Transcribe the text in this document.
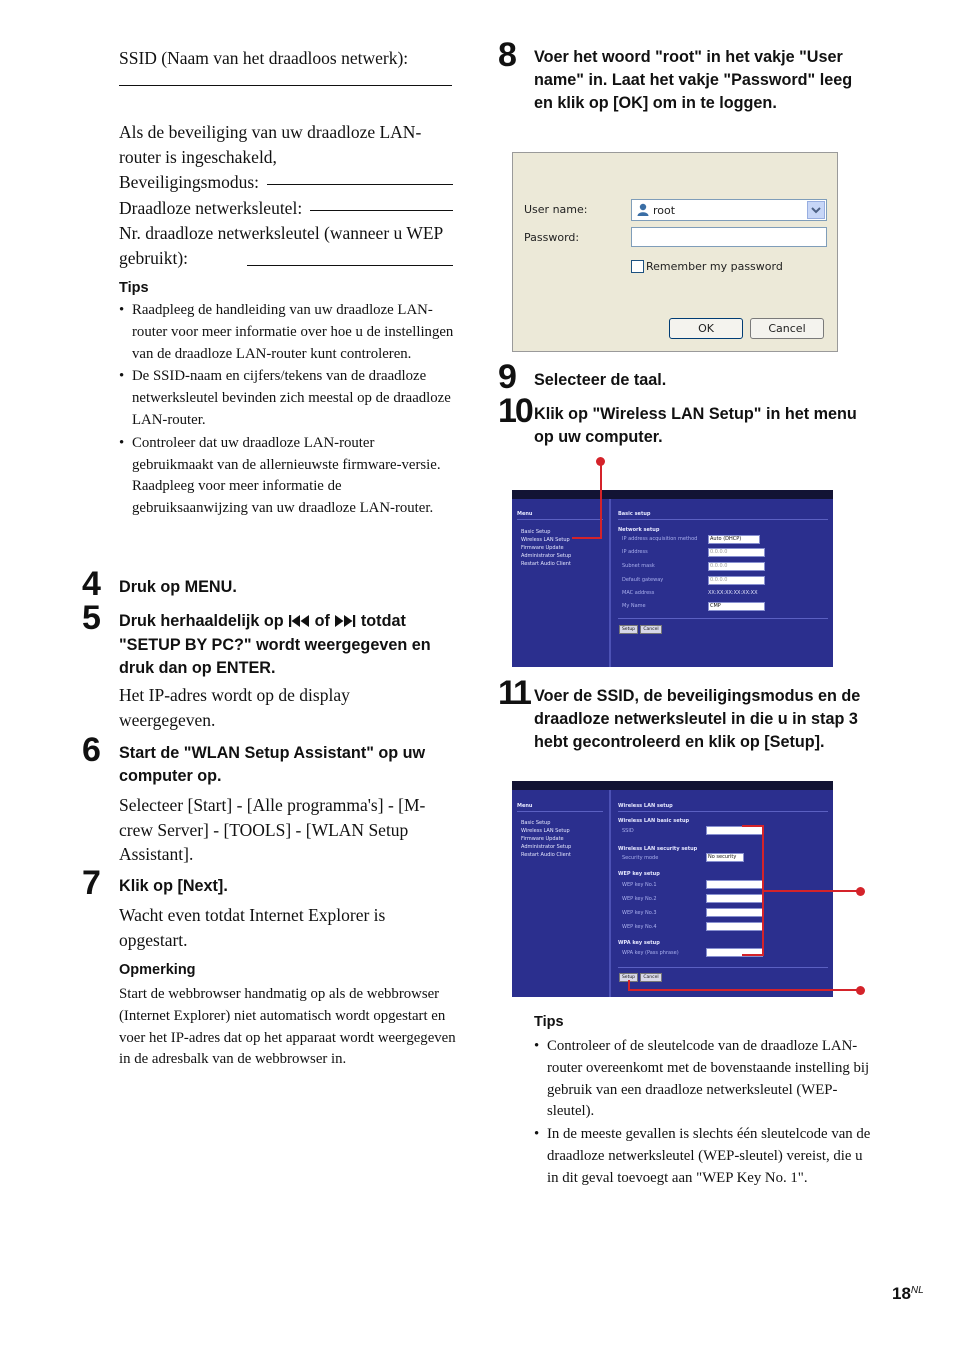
SSID (Naam van het draadloos netwerk):
Als de beveiliging van uw draadloze LAN-router is ingeschakeld,
Beveiligingsmodus:
Draadloze netwerksleutel:
Nr. draadloze netwerksleutel (wanneer u WEP gebruikt):
Tips
• Raadpleeg de handleiding van uw draadloze LAN-router voor meer informatie over hoe u de instellingen van de draadloze LAN-router kunt controleren.
• De SSID-naam en cijfers/tekens van de draadloze netwerksleutel bevinden zich meestal op de draadloze LAN-router.
• Controleer dat uw draadloze LAN-router gebruikmaakt van de allernieuwste firmware-versie. Raadpleeg voor meer informatie de gebruiksaanwijzing van uw draadloze LAN-router.
4 Druk op MENU.
5 Druk herhaaldelijk op of totdat "SETUP BY PC?" wordt weergegeven en druk dan op ENTER.
Het IP-adres wordt op de display weergegeven.
6 Start de "WLAN Setup Assistant" op uw computer op.
Selecteer [Start] - [Alle programma's] - [M-crew Server] - [TOOLS] - [WLAN Setup Assistant].
7 Klik op [Next].
Wacht even totdat Internet Explorer is opgestart.
Opmerking
Start de webbrowser handmatig op als de webbrowser (Internet Explorer) niet automatisch wordt opgestart en voer het IP-adres dat op het apparaat wordt weergegeven in de adresbalk van de webbrowser in.
8 Voer het woord "root" in het vakje "User name" in. Laat het vakje "Password" leeg en klik op [OK] om in te loggen.
User name:	root
Password:
Remember my password
OK	Cancel
9 Selecteer de taal.
10 Klik op "Wireless LAN Setup" in het menu op uw computer.
Menu
Basic Setup
Wireless LAN Setup
Firmware Update
Administrator Setup
Restart Audio Client
Basic setup
Network setup
IP address acquisition method	Auto (DHCP)
IP address	0.0.0.0
Subnet mask	0.0.0.0
Default gateway	0.0.0.0
MAC address	XX:XX:XX:XX:XX:XX
My Name	CMP
Setup	Cancel
11 Voer de SSID, de beveiligingsmodus en de draadloze netwerksleutel in die u in stap 3 hebt gecontroleerd en klik op [Setup].
Menu
Basic Setup
Wireless LAN Setup
Firmware Update
Administrator Setup
Restart Audio Client
Wireless LAN setup
Wireless LAN basic setup
SSID
Wireless LAN security setup
Security mode	No security
WEP key setup
WEP key No.1
WEP key No.2
WEP key No.3
WEP key No.4
WPA key setup
WPA key (Pass phrase)
Setup	Cancel
Tips
• Controleer of de sleutelcode van de draadloze LAN-router overeenkomt met de bovenstaande instelling bij gebruik van een draadloze netwerksleutel (WEP-sleutel).
• In de meeste gevallen is slechts één sleutelcode van de draadloze netwerksleutel (WEP-sleutel) vereist, die u in dit geval toevoegt aan "WEP Key No. 1".
$18^{NL}$
